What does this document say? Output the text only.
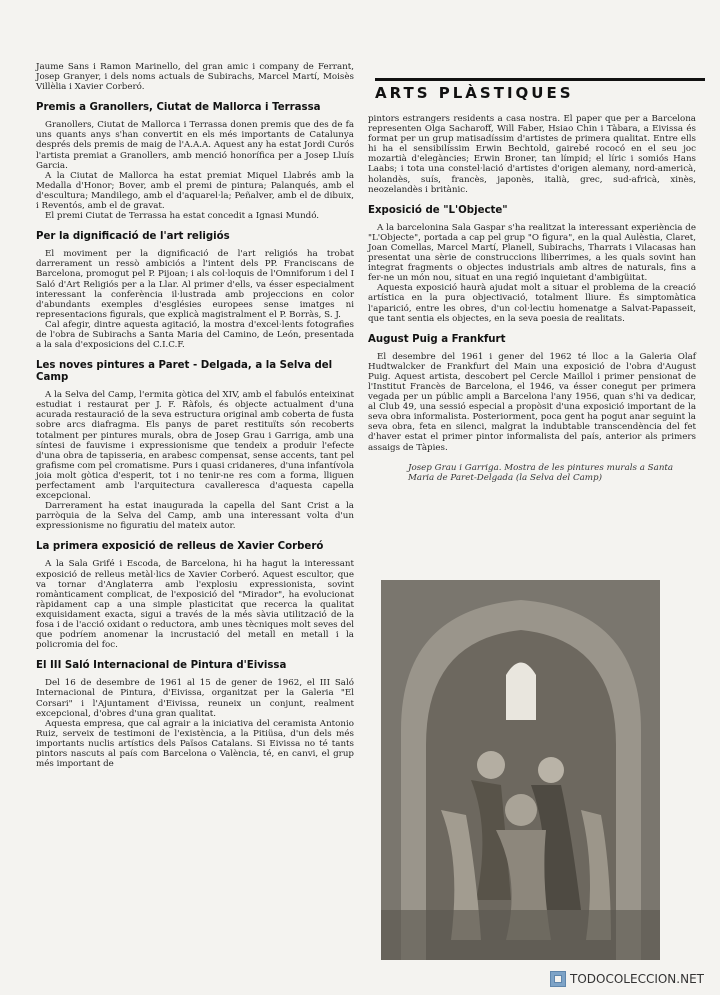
Jaume Sans i Ramon Marinello, del gran amic i company de Ferrant, Josep Granyer, i dels noms actuals de Subirachs, Marcel Martí, Moisès Villèlia i Xavier Corberó.

Premis a Granollers, Ciutat de Mallorca i Terrassa

Granollers, Ciutat de Mallorca i Terrassa donen premis que des de fa uns quants anys s'han convertit en els més importants de Catalunya després dels premis de maig de l'A.A.A. Aquest any ha estat Jordi Curós l'artista premiat a Granollers, amb menció honorífica per a Josep Lluís Garcia.

A la Ciutat de Mallorca ha estat premiat Miquel Llabrés amb la Medalla d'Honor; Bover, amb el premi de pintura; Palanqués, amb el d'escultura; Mandilego, amb el d'aquarel·la; Peñalver, amb el de dibuix, i Reventós, amb el de gravat.

El premi Ciutat de Terrassa ha estat concedit a Ignasi Mundó.

Per la dignificació de l'art religiós

El moviment per la dignificació de l'art religiós ha trobat darrerament un ressò ambiciós a l'intent dels PP. Franciscans de Barcelona, promogut pel P. Pijoan; i als col·loquis de l'Omniforum i del I Saló d'Art Religiós per a la Llar. Al primer d'ells, va ésser especialment interessant la conferència il·lustrada amb projeccions en color d'abundants exemples d'esglésies europees sense imatges ni representacions figurals, que explicà magistralment el P. Borràs, S. J.

Cal afegir, dintre aquesta agitació, la mostra d'excel·lents fotografies de l'obra de Subirachs a Santa Maria del Camino, de León, presentada a la sala d'exposicions del C.I.C.F.

Les noves pintures a Paret - Delgada, a la Selva del Camp

A la Selva del Camp, l'ermita gòtica del XIV, amb el fabulós enteixinat estudiat i restaurat per J. F. Ràfols, és objecte actualment d'una acurada restauració de la seva estructura original amb coberta de fusta sobre arcs diafragma. Els panys de paret restituïts són recoberts totalment per pintures murals, obra de Josep Grau i Garriga, amb una síntesi de fauvisme i expressionisme que tendeix a produir l'efecte d'una obra de tapisseria, en arabesc compensat, sense accents, tant pel grafisme com pel cromatisme. Purs i quasi cridaneres, d'una infantívola joia molt gòtica d'esperit, tot i no tenir-ne res com a forma, lliguen perfectament amb l'arquitectura cavalleresca d'aquesta capella excepcional.

Darrerament ha estat inaugurada la capella del Sant Crist a la parròquia de la Selva del Camp, amb una interessant volta d'un expressionisme no figuratiu del mateix autor.

La primera exposició de relleus de Xavier Corberó

A la Sala Grifé i Escoda, de Barcelona, hi ha hagut la interessant exposició de relleus metàl·lics de Xavier Corberó. Aquest escultor, que va tornar d'Anglaterra amb l'explosiu expressionista, sovint romànticament complicat, de l'exposició del "Mirador", ha evolucionat ràpidament cap a una simple plasticitat que recerca la qualitat exquisidament exacta, sigui a través de la més sàvia utilització de la fosa i de l'acció oxidant o reductora, amb unes tècniques molt seves del que podríem anomenar la incrustació del metall en metall i la policromia del foc.

El III Saló Internacional de Pintura d'Eivissa

Del 16 de desembre de 1961 al 15 de gener de 1962, el III Saló Internacional de Pintura, d'Eivissa, organitzat per la Galeria "El Corsari" i l'Ajuntament d'Eivissa, reuneix un conjunt, realment excepcional, d'obres d'una gran qualitat.

Aquesta empresa, que cal agrair a la iniciativa del ceramista Antonio Ruiz, serveix de testimoni de l'existència, a la Pitiüsa, d'un dels més importants nuclis artístics dels Països Catalans. Si Eivissa no té tants pintors nascuts al país com Barcelona o València, té, en canvi, el grup més important de

ARTS PLÀSTIQUES

pintors estrangers residents a casa nostra. El paper que per a Barcelona representen Olga Sacharoff, Will Faber, Hsiao Chin i Tàbara, a Eivissa és format per un grup matisadíssim d'artistes de primera qualitat. Entre ells hi ha el sensibilíssim Erwin Bechtold, gairebé rococó en el seu joc mozartià d'elegàncies; Erwin Broner, tan límpid; el líric i somiós Hans Laabs; i tota una constel·lació d'artistes d'origen alemany, nord-americà, holandès, suís, francès, japonès, italià, grec, sud-africà, xinès, neozelandès i britànic.

Exposició de "L'Objecte"

A la barcelonina Sala Gaspar s'ha realitzat la interessant experiència de "L'Objecte", portada a cap pel grup "O figura", en la qual Aulèstia, Claret, Joan Comellas, Marcel Martí, Planell, Subirachs, Tharrats i Vilacasas han presentat una sèrie de construccions lliberrimes, a les quals sovint han integrat fragments o objectes industrials amb altres de naturals, fins a fer-ne un món nou, situat en una regió inquietant d'ambigüitat.

Aquesta exposició haurà ajudat molt a situar el problema de la creació artística en la pura objectivació, totalment lliure. És simptomàtica l'aparició, entre les obres, d'un col·lectiu homenatge a Salvat-Papasseit, que tant sentia els objectes, en la seva poesia de realitats.

August Puig a Frankfurt

El desembre del 1961 i gener del 1962 té lloc a la Galeria Olaf Hudtwalcker de Frankfurt del Main una exposició de l'obra d'August Puig. Aquest artista, descobert pel Cercle Maillol i primer pensionat de l'Institut Francès de Barcelona, el 1946, va ésser conegut per primera vegada per un públic ampli a Barcelona l'any 1956, quan s'hi va dedicar, al Club 49, una sessió especial a propòsit d'una exposició important de la seva obra informalista. Posteriorment, poca gent ha pogut anar seguint la seva obra, feta en silenci, malgrat la indubtable transcendència del fet d'haver estat el primer pintor informalista del país, anterior als primers assaigs de Tàpies.

Josep Grau i Garriga. Mostra de les pintures murals a Santa Maria de Paret-Delgada (la Selva del Camp)

TODOCOLECCION.NET
